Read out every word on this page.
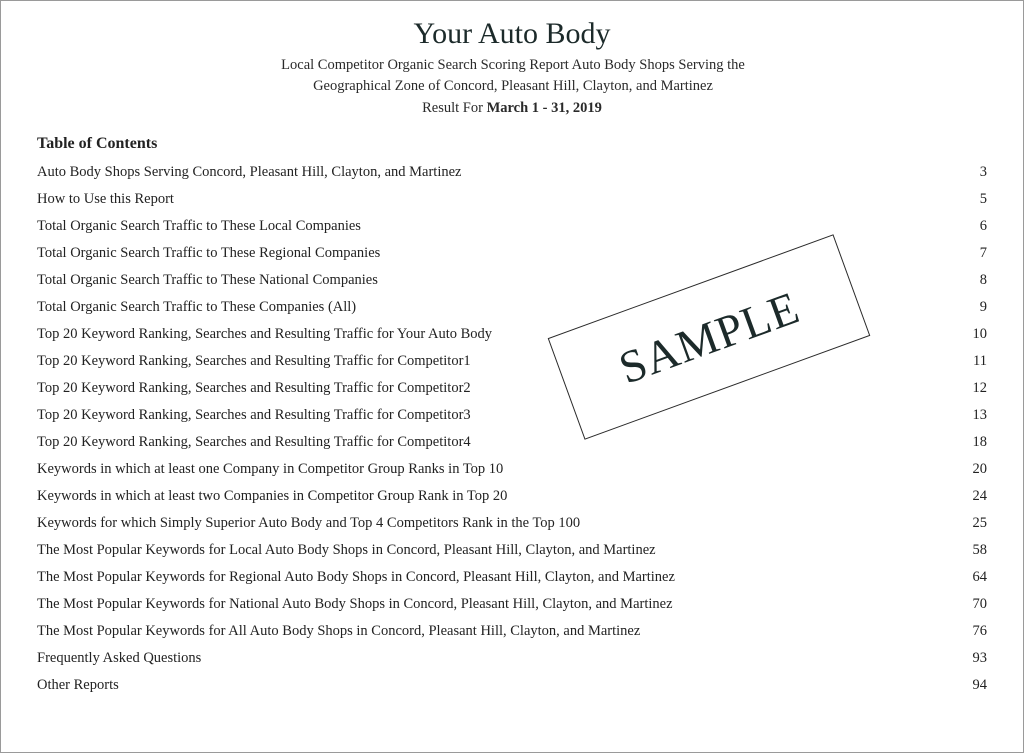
Your Auto Body
Local Competitor Organic Search Scoring Report Auto Body Shops Serving the
Geographical Zone of Concord, Pleasant Hill, Clayton, and Martinez
Result For March 1 - 31, 2019
Table of Contents
Auto Body Shops Serving Concord, Pleasant Hill, Clayton, and Martinez	3
How to Use this Report	5
Total Organic Search Traffic to These Local Companies	6
Total Organic Search Traffic to These Regional Companies	7
Total Organic Search Traffic to These National Companies	8
Total Organic Search Traffic to These Companies (All)	9
Top 20 Keyword Ranking, Searches and Resulting Traffic for Your Auto Body	10
Top 20 Keyword Ranking, Searches and Resulting Traffic for Competitor1	11
Top 20 Keyword Ranking, Searches and Resulting Traffic for Competitor2	12
Top 20 Keyword Ranking, Searches and Resulting Traffic for Competitor3	13
Top 20 Keyword Ranking, Searches and Resulting Traffic for Competitor4	18
Keywords in which at least one Company in Competitor Group Ranks in Top 10	20
Keywords in which at least two Companies in Competitor Group Rank in Top 20	24
Keywords for which Simply Superior Auto Body and Top 4 Competitors Rank in the Top 100	25
The Most Popular Keywords for Local Auto Body Shops in Concord, Pleasant Hill, Clayton, and Martinez	58
The Most Popular Keywords for Regional Auto Body Shops in Concord, Pleasant Hill, Clayton, and Martinez	64
The Most Popular Keywords for National Auto Body Shops in Concord, Pleasant Hill, Clayton, and Martinez	70
The Most Popular Keywords for All Auto Body Shops in Concord, Pleasant Hill, Clayton, and Martinez	76
Frequently Asked Questions	93
Other Reports	94
SAMPLE
